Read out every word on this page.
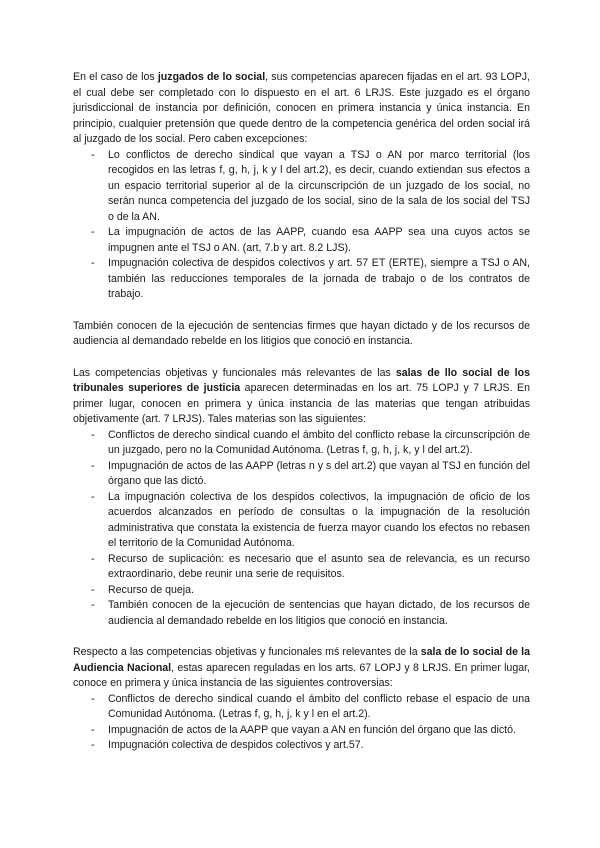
En el caso de los juzgados de lo social, sus competencias aparecen fijadas en el art. 93 LOPJ, el cual debe ser completado con lo dispuesto en el art. 6 LRJS. Este juzgado es el órgano jurisdiccional de instancia por definición, conocen en primera instancia y única instancia. En principio, cualquier pretensión que quede dentro de la competencia genérica del orden social irá al juzgado de los social. Pero caben excepciones:

- Lo conflictos de derecho sindical que vayan a TSJ o AN por marco territorial (los recogidos en las letras f, g, h, j, k y l del art.2), es decir, cuando extiendan sus efectos a un espacio territorial superior al de la circunscripción de un juzgado de los social, no serán nunca competencia del juzgado de los social, sino de la sala de los social del TSJ o de la AN.
- La impugnación de actos de las AAPP, cuando esa AAPP sea una cuyos actos se impugnen ante el TSJ o AN. (art, 7.b y art. 8.2 LJS).
- Impugnación colectiva de despidos colectivos y art. 57 ET (ERTE), siempre a TSJ o AN, también las reducciones temporales de la jornada de trabajo o de los contratos de trabajo.

También conocen de la ejecución de sentencias firmes que hayan dictado y de los recursos de audiencia al demandado rebelde en los litigios que conoció en instancia.

Las competencias objetivas y funcionales más relevantes de las salas de llo social de los tribunales superiores de justicia aparecen determinadas en los art. 75 LOPJ y 7 LRJS. En primer lugar, conocen en primera y única instancia de las materias que tengan atribuidas objetivamente (art. 7 LRJS). Tales materias son las siguientes:

- Conflictos de derecho sindical cuando el ámbito del conflicto rebase la circunscripción de un juzgado, pero no la Comunidad Autónoma. (Letras f, g, h, j, k, y l del art.2).
- Impugnación de actos de las AAPP (letras n y s del art.2) que vayan al TSJ en función del órgano que las dictó.
- La impugnación colectiva de los despidos colectivos, la impugnación de oficio de los acuerdos alcanzados en período de consultas o la impugnación de la resolución administrativa que constata la existencia de fuerza mayor cuando los efectos no rebasen el territorio de la Comunidad Autónoma.
- Recurso de suplicación: es necesario que el asunto sea de relevancia, es un recurso extraordinario, debe reunir una serie de requisitos.
- Recurso de queja.
- También conocen de la ejecución de sentencias que hayan dictado, de los recursos de audiencia al demandado rebelde en los litigios que conoció en instancia.

Respecto a las competencias objetivas y funcionales mś relevantes de la sala de lo social de la Audiencia Nacional, estas aparecen reguladas en los arts. 67 LOPJ y 8 LRJS. En primer lugar, conoce en primera y única instancia de las siguientes controversias:

- Conflictos de derecho sindical cuando el ámbito del conflicto rebase el espacio de una Comunidad Autónoma. (Letras f, g, h, j, k y l en el art.2).
- Impugnación de actos de la AAPP que vayan a AN en función del órgano que las dictó.
- Impugnación colectiva de despidos colectivos y art.57.
